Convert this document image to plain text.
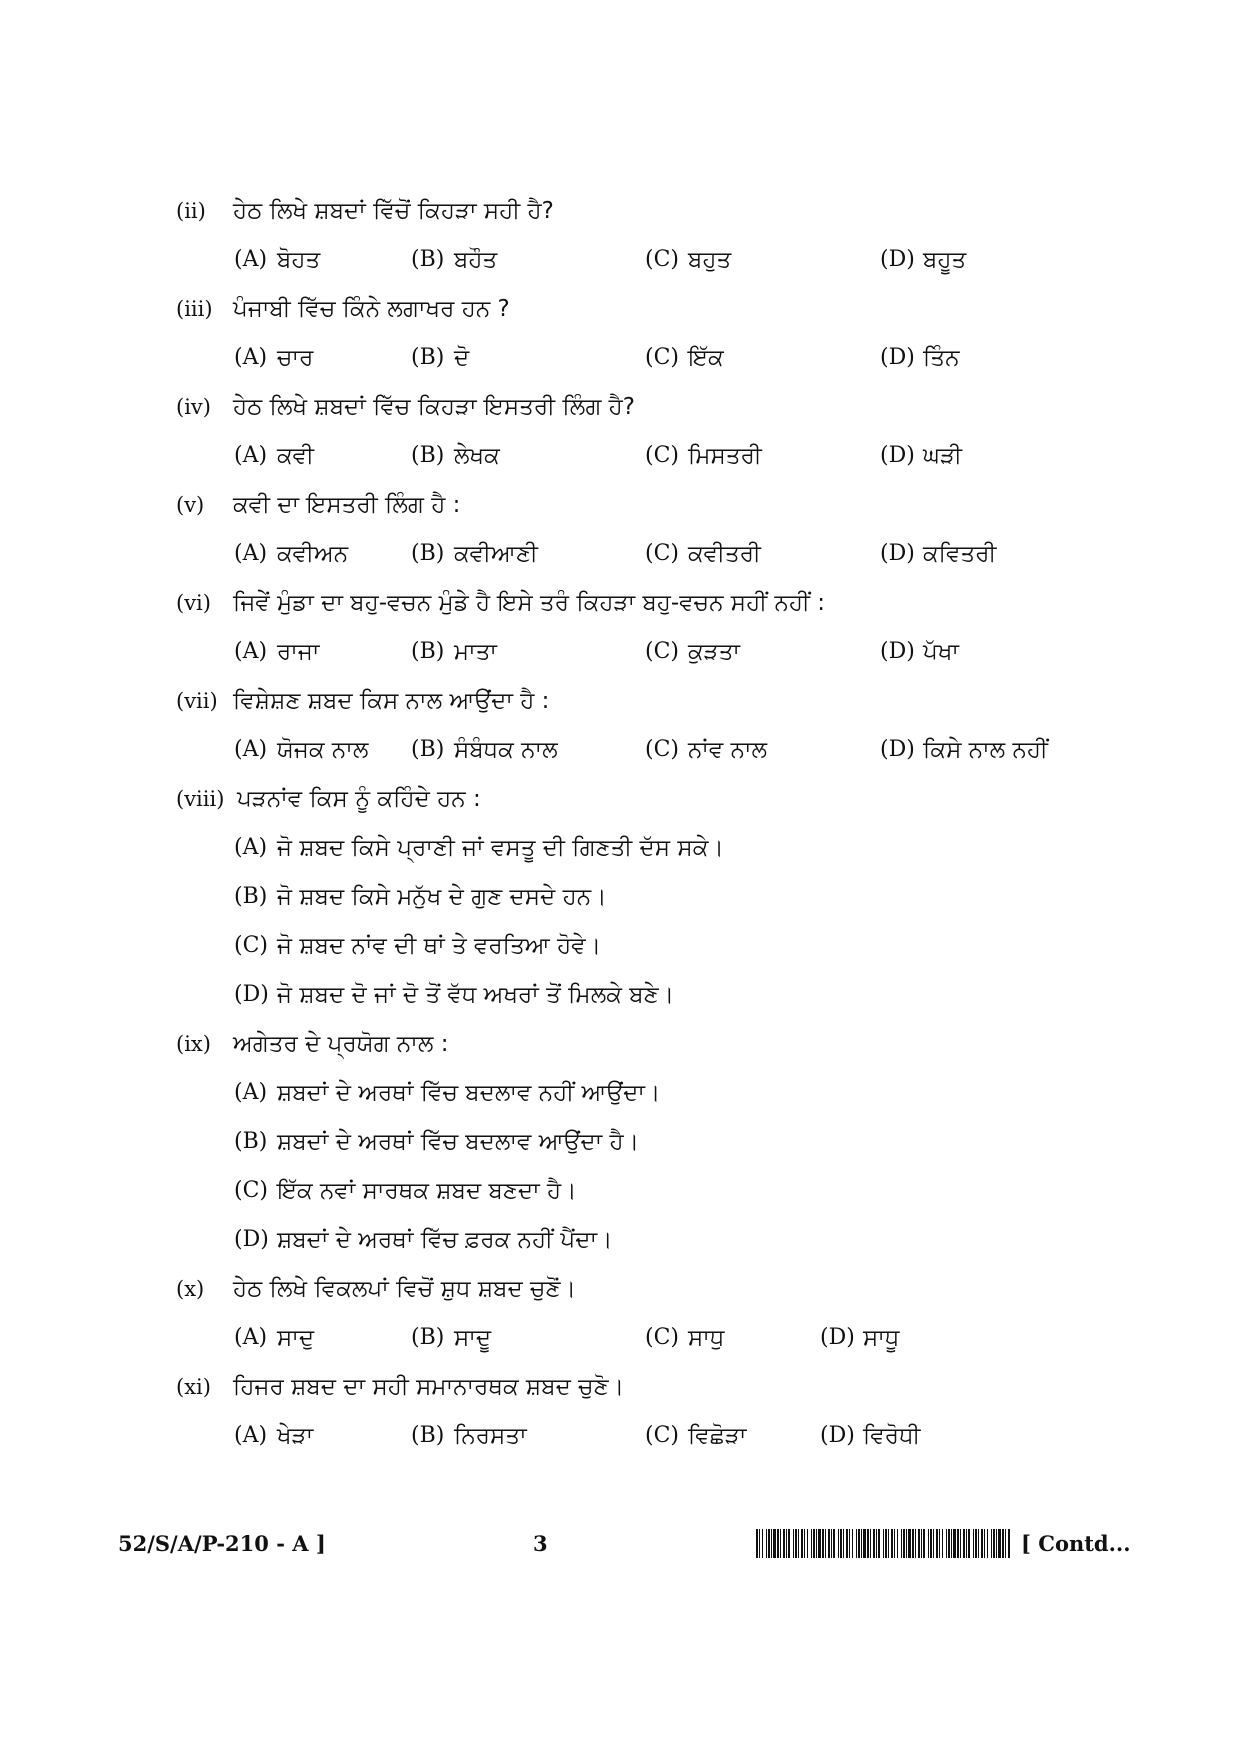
(ii) ਹੇਠ ਲਿਖੇ ਸ਼ਬਦਾਂ ਵਿੱਚੋਂ ਕਿਹੜਾ ਸਹੀ ਹੈ?
(A) ਬੋਹਤ	(B) ਬਹੌਤ	(C) ਬਹੁਤ	(D) ਬਹੂਤ
(iii) ਪੰਜਾਬੀ ਵਿੱਚ ਕਿੰਨੇ ਲਗਾਖਰ ਹਨ ?
(A) ਚਾਰ	(B) ਦੋ	(C) ਇੱਕ	(D) ਤਿੰਨ
(iv) ਹੇਠ ਲਿਖੇ ਸ਼ਬਦਾਂ ਵਿੱਚ ਕਿਹੜਾ ਇਸਤਰੀ ਲਿੰਗ ਹੈ?
(A) ਕਵੀ	(B) ਲੇਖਕ	(C) ਮਿਸਤਰੀ	(D) ਘੜੀ
(v) ਕਵੀ ਦਾ ਇਸਤਰੀ ਲਿੰਗ ਹੈ :
(A) ਕਵੀਅਨ	(B) ਕਵੀਆਣੀ	(C) ਕਵੀਤਰੀ	(D) ਕਵਿਤਰੀ
(vi) ਜਿਵੇਂ ਮੁੰਡਾ ਦਾ ਬਹੁ-ਵਚਨ ਮੁੰਡੇ ਹੈ ਇਸੇ ਤਰੰ ਕਿਹੜਾ ਬਹੁ-ਵਚਨ ਸਹੀਂ ਨਹੀਂ :
(A) ਰਾਜਾ	(B) ਮਾਤਾ	(C) ਕੁੜਤਾ	(D) ਪੱਖਾ
(vii) ਵਿਸ਼ੇਸ਼ਣ ਸ਼ਬਦ ਕਿਸ ਨਾਲ ਆਉਂਦਾ ਹੈ :
(A) ਯੋਜਕ ਨਾਲ (B) ਸੰਬੰਧਕ ਨਾਲ	(C) ਨਾਂਵ ਨਾਲ	(D) ਕਿਸੇ ਨਾਲ ਨਹੀਂ
(viii) ਪੜਨਾਂਵ ਕਿਸ ਨੂੰ ਕਹਿੰਦੇ ਹਨ :
(A) ਜੋ ਸ਼ਬਦ ਕਿਸੇ ਪ੍ਰਾਣੀ ਜਾਂ ਵਸਤੂ ਦੀ ਗਿਣਤੀ ਦੱਸ ਸਕੇ।
(B) ਜੋ ਸ਼ਬਦ ਕਿਸੇ ਮਨੁੱਖ ਦੇ ਗੁਣ ਦਸਦੇ ਹਨ।
(C) ਜੋ ਸ਼ਬਦ ਨਾਂਵ ਦੀ ਥਾਂ ਤੇ ਵਰਤਿਆ ਹੋਵੇ।
(D) ਜੋ ਸ਼ਬਦ ਦੋ ਜਾਂ ਦੋ ਤੋਂ ਵੱਧ ਅਖਰਾਂ ਤੋਂ ਮਿਲਕੇ ਬਣੇ।
(ix) ਅਗੇਤਰ ਦੇ ਪ੍ਰਯੋਗ ਨਾਲ :
(A) ਸ਼ਬਦਾਂ ਦੇ ਅਰਥਾਂ ਵਿੱਚ ਬਦਲਾਵ ਨਹੀਂ ਆਉਂਦਾ।
(B) ਸ਼ਬਦਾਂ ਦੇ ਅਰਥਾਂ ਵਿੱਚ ਬਦਲਾਵ ਆਉਂਦਾ ਹੈ।
(C) ਇੱਕ ਨਵਾਂ ਸਾਰਥਕ ਸ਼ਬਦ ਬਣਦਾ ਹੈ।
(D) ਸ਼ਬਦਾਂ ਦੇ ਅਰਥਾਂ ਵਿੱਚ ਫ਼ਰਕ ਨਹੀਂ ਪੈਂਦਾ।
(x) ਹੇਠ ਲਿਖੇ ਵਿਕਲਪਾਂ ਵਿਚੋਂ ਸ਼ੁਧ ਸ਼ਬਦ ਚੁਣੋਂ।
(A) ਸਾਦੁ	(B) ਸਾਦੂ	(C) ਸਾਧੁ	(D) ਸਾਧੂ
(xi) ਹਿਜਰ ਸ਼ਬਦ ਦਾ ਸਹੀ ਸਮਾਨਾਰਥਕ ਸ਼ਬਦ ਚੁਣੋ।
(A) ਖੇੜਾ	(B) ਨਿਰਸਤਾ	(C) ਵਿਛੋੜਾ	(D) ਵਿਰੋਧੀ
52/S/A/P-210 - A ]	3	[ Contd...
